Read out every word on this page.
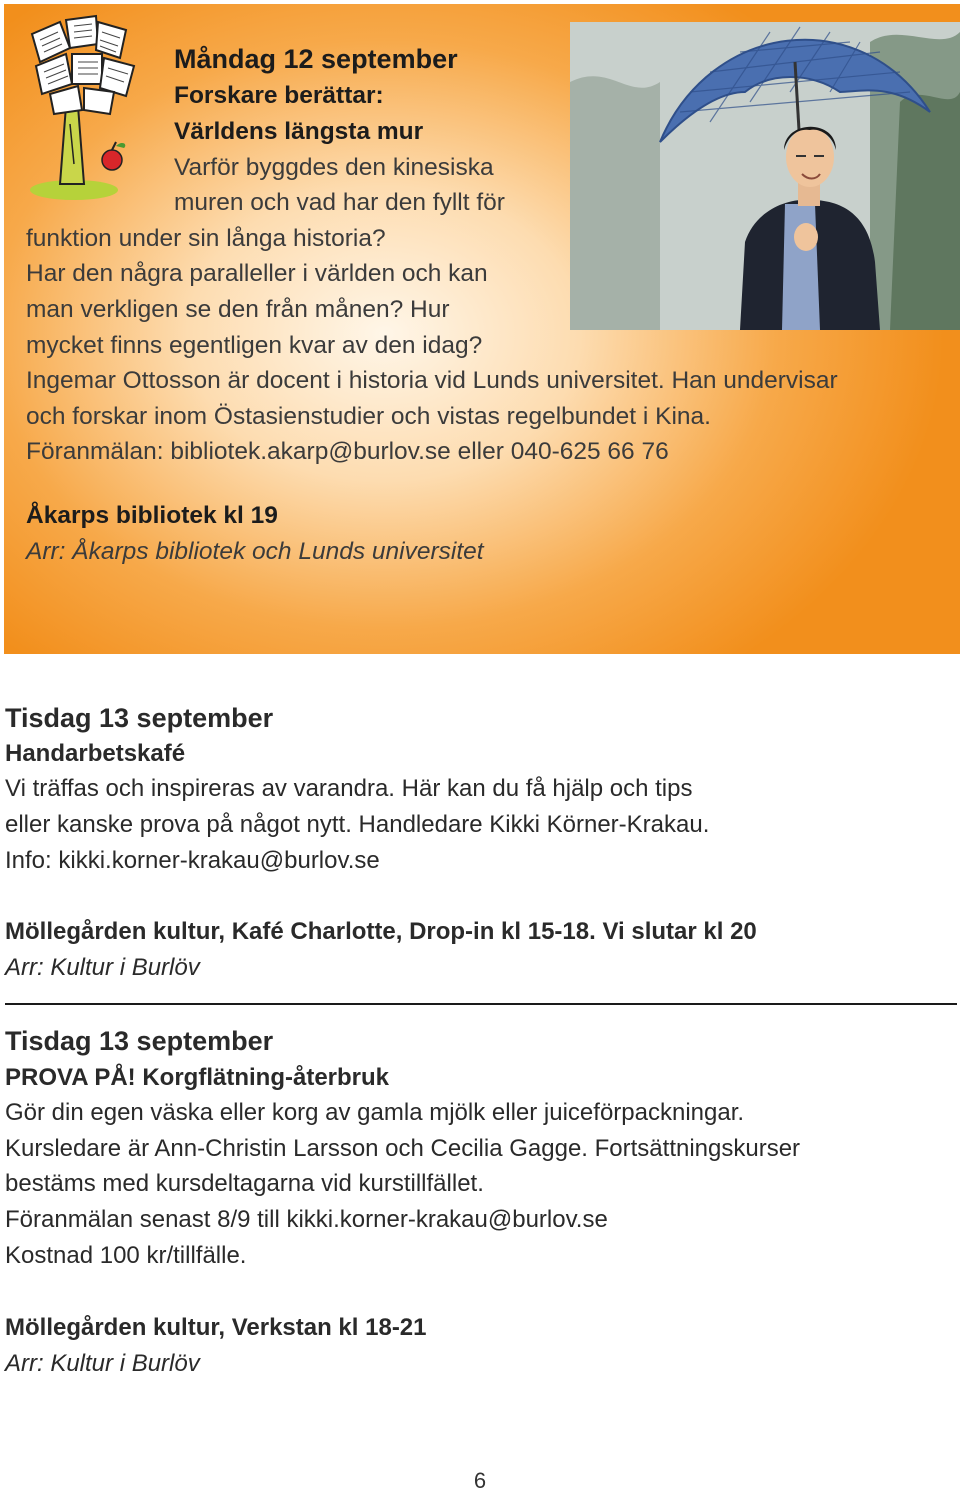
Måndag 12 september
Forskare berättar:
Världens längsta mur
Varför byggdes den kinesiska
muren och vad har den fyllt för
funktion under sin långa historia?
Har den några paralleller i världen och kan
man verkligen se den från månen? Hur
mycket finns egentligen kvar av den idag?
Ingemar Ottosson är docent i historia vid Lunds universitet. Han undervisar
och forskar inom Östasienstudier och vistas regelbundet i Kina.
Föranmälan: bibliotek.akarp@burlov.se eller 040-625 66 76
Åkarps bibliotek kl 19
Arr: Åkarps bibliotek och Lunds universitet
Tisdag 13 september
Handarbetskafé
Vi träffas och inspireras av varandra. Här kan du få hjälp och tips
eller kanske prova på något nytt. Handledare Kikki Körner-Krakau.
Info: kikki.korner-krakau@burlov.se
Möllegården kultur, Kafé Charlotte, Drop-in kl 15-18. Vi slutar kl 20
Arr: Kultur i Burlöv
Tisdag 13 september
PROVA PÅ! Korgflätning-återbruk
Gör din egen väska eller korg av gamla mjölk eller juiceförpackningar.
Kursledare är Ann-Christin Larsson och Cecilia Gagge. Fortsättningskurser
bestäms med kursdeltagarna vid kurstillfället.
Föranmälan senast 8/9 till kikki.korner-krakau@burlov.se
Kostnad 100 kr/tillfälle.
Möllegården kultur, Verkstan kl 18-21
Arr: Kultur i Burlöv
6
